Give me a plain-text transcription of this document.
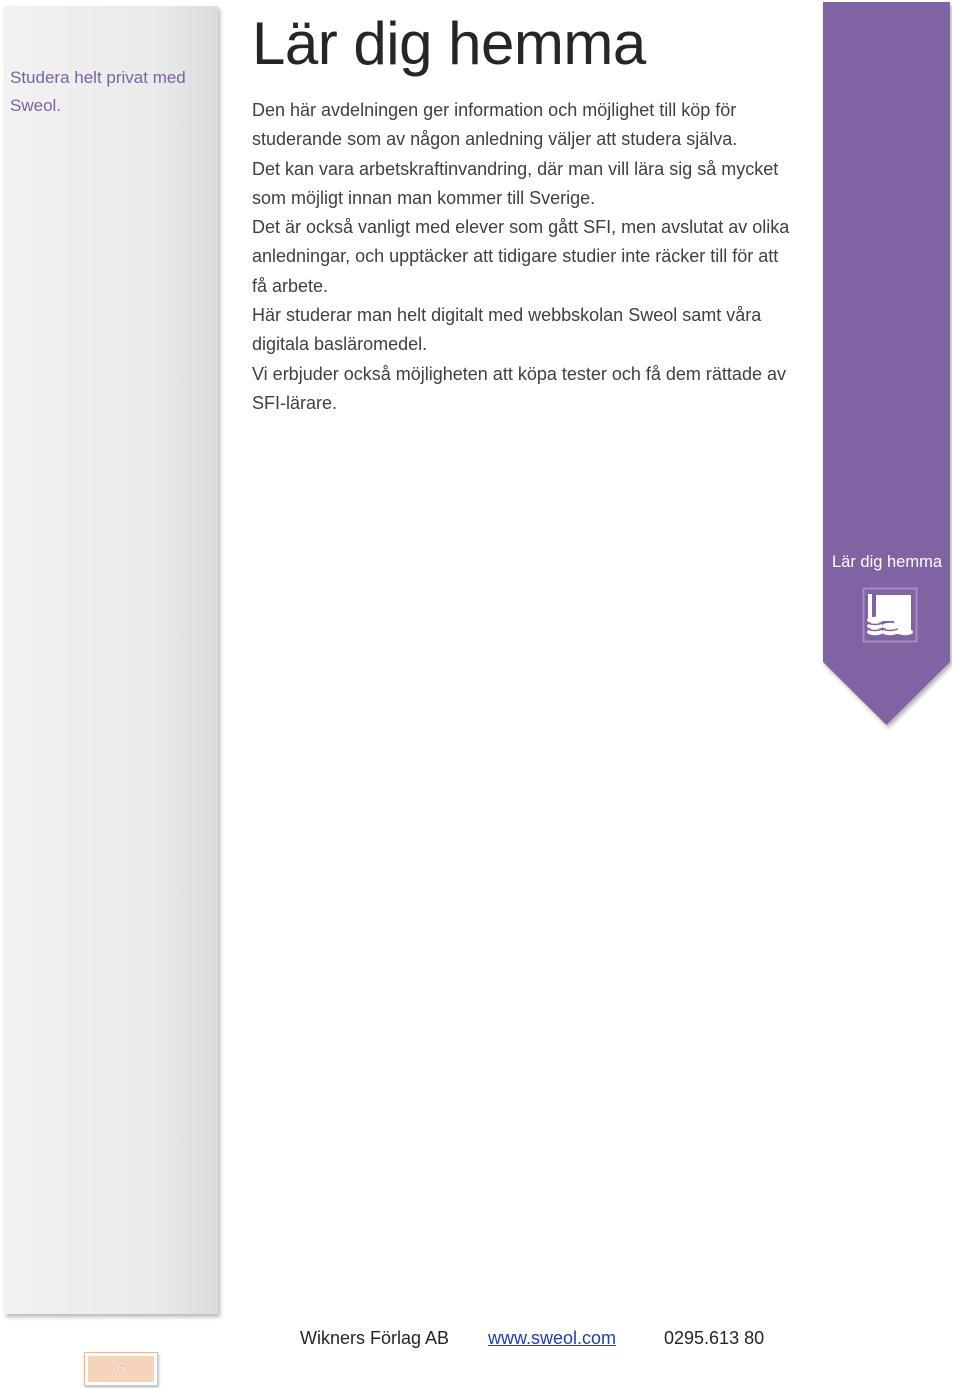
Studera helt privat med Sweol.
Lär dig hemma

Den här avdelningen ger information och möjlighet till köp för studerande som av någon anledning väljer att studera själva.

Det kan vara arbetskraftinvandring, där man vill lära sig så mycket som möjligt innan man kommer till Sverige.

Det är också vanligt med elever som gått SFI, men avslutat av olika anledningar, och upptäcker att tidigare studier inte räcker till för att få arbete.

Här studerar man helt digitalt med webbskolan Sweol samt våra digitala basläromedel.

Vi erbjuder också möjligheten att köpa tester och få dem rättade av SFI-lärare.

Lär dig hemma
Wikners Förlag AB www.sweol.com	0295.613 80
6
